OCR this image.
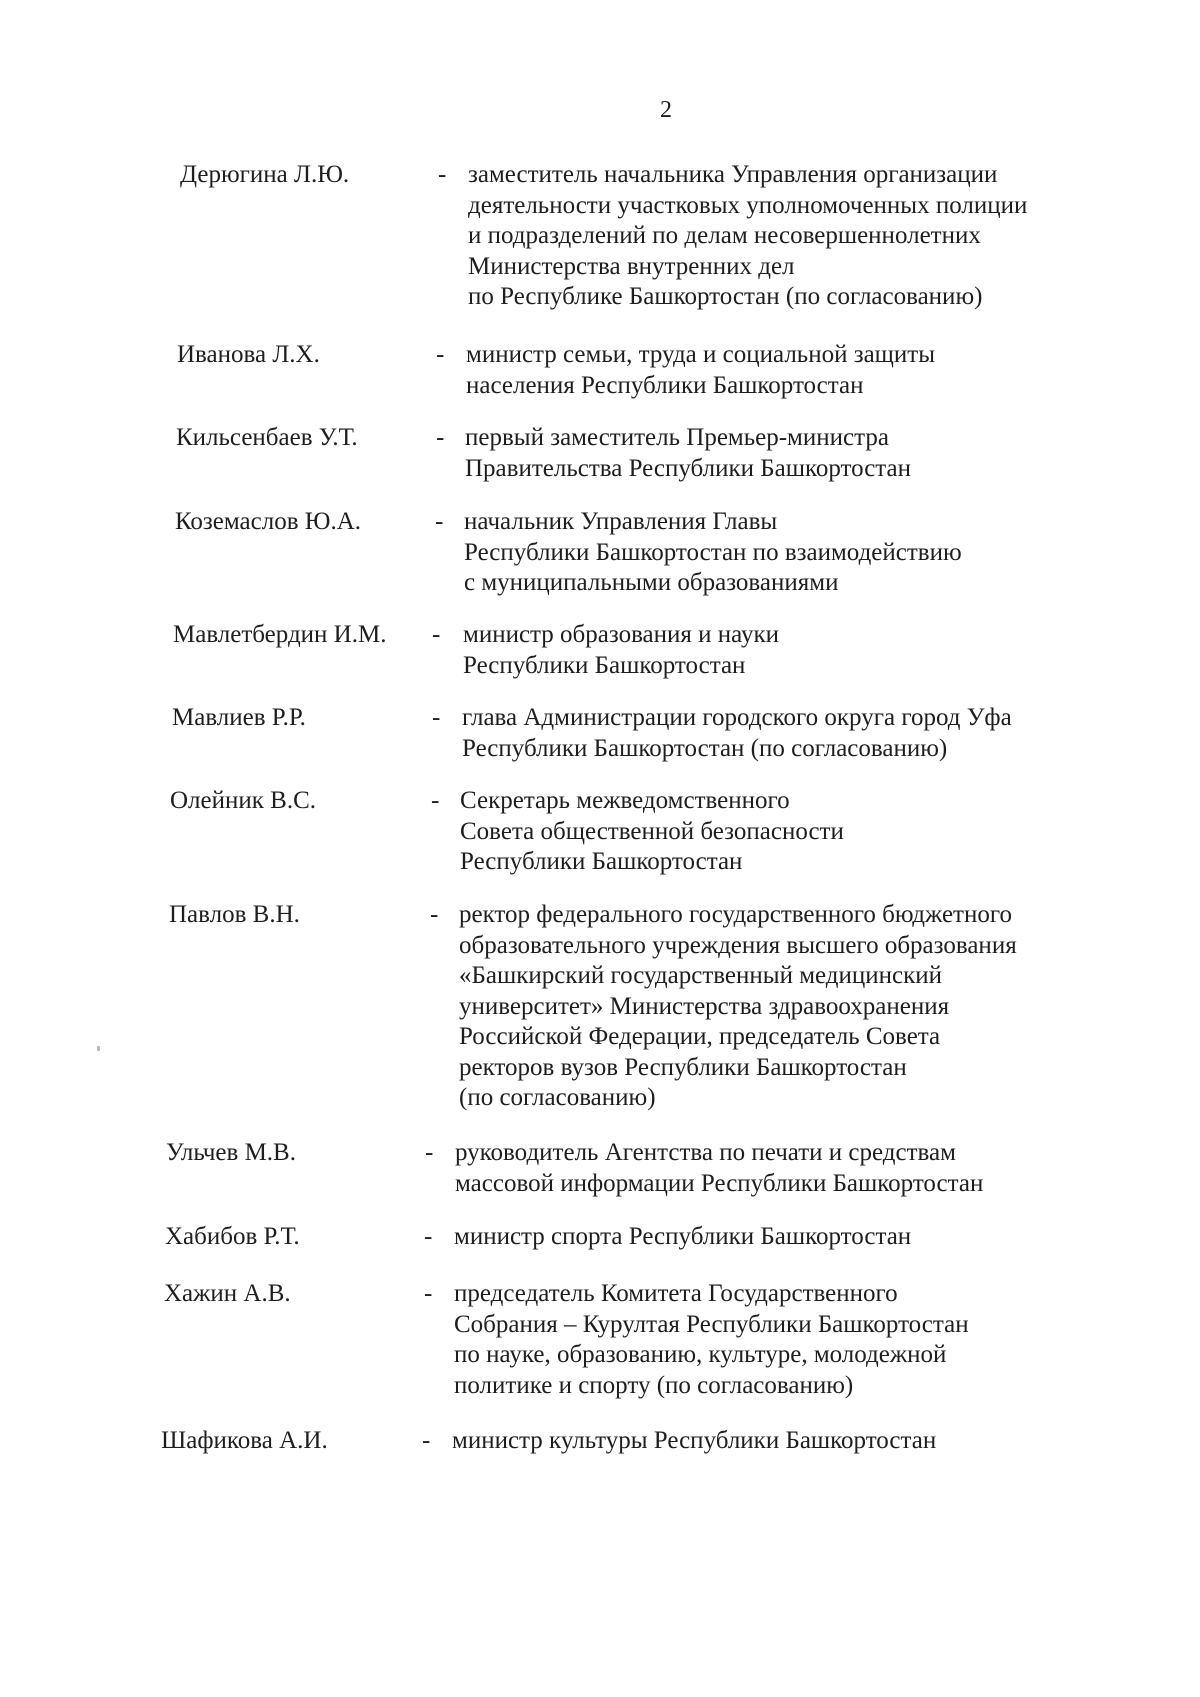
2
Дерюгина Л.Ю.	- заместитель начальника Управления организации
деятельности участковых уполномоченных полиции
и подразделений по делам несовершеннолетних
Министерства внутренних дел
по Республике Башкортостан (по согласованию)
Иванова Л.Х.	- министр семьи, труда и социальной защиты
населения Республики Башкортостан
Кильсенбаев У.Т.	- первый заместитель Премьер-министра
Правительства Республики Башкортостан
Коземаслов Ю.А.	- начальник Управления Главы
Республики Башкортостан по взаимодействию
с муниципальными образованиями
Мавлетбердин И.М. - министр образования и науки
Республики Башкортостан
Мавлиев Р.Р.	- глава Администрации городского округа город Уфа
Республики Башкортостан (по согласованию)
Олейник В.С.	- Секретарь межведомственного
Совета общественной безопасности
Республики Башкортостан
Павлов В.Н.	- ректор федерального государственного бюджетного
образовательного учреждения высшего образования
«Башкирский государственный медицинский
университет» Министерства здравоохранения
Российской Федерации, председатель Совета
ректоров вузов Республики Башкортостан
(по согласованию)
Ульчев М.В.	- руководитель Агентства по печати и средствам
массовой информации Республики Башкортостан
Хабибов Р.Т.	- министр спорта Республики Башкортостан
Хажин А.В.	- председатель Комитета Государственного
Собрания – Курултая Республики Башкортостан
по науке, образованию, культуре, молодежной
политике и спорту (по согласованию)
Шафикова А.И.	- министр культуры Республики Башкортостан
